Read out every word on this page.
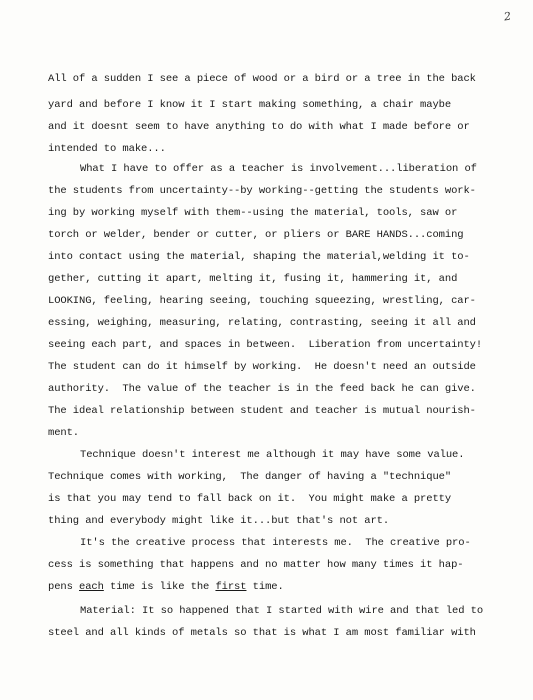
2
All of a sudden I see a piece of wood or a bird or a tree in the back
yard and before I know it I start making something, a chair maybe
and it doesnt seem to have anything to do with what I made before or
intended to make...
What I have to offer as a teacher is involvement...liberation of
the students from uncertainty--by working--getting the students work-
ing by working myself with them--using the material, tools, saw or
torch or welder, bender or cutter, or pliers or BARE HANDS...coming
into contact using the material, shaping the material,welding it to-
gether, cutting it apart, melting it, fusing it, hammering it, and
LOOKING, feeling, hearing seeing, touching squeezing, wrestling, car-
essing, weighing, measuring, relating, contrasting, seeing it all and
seeing each part, and spaces in between.  Liberation from uncertainty!
The student can do it himself by working.  He doesn't need an outside
authority.  The value of the teacher is in the feed back he can give.
The ideal relationship between student and teacher is mutual nourish-
ment.
Technique doesn't interest me although it may have some value.
Technique comes with working,  The danger of having a "technique"
is that you may tend to fall back on it.  You might make a pretty
thing and everybody might like it...but that's not art.
It's the creative process that interests me.  The creative pro-
cess is something that happens and no matter how many times it hap-
pens each time is like the first time.
Material: It so happened that I started with wire and that led to
steel and all kinds of metals so that is what I am most familiar with
